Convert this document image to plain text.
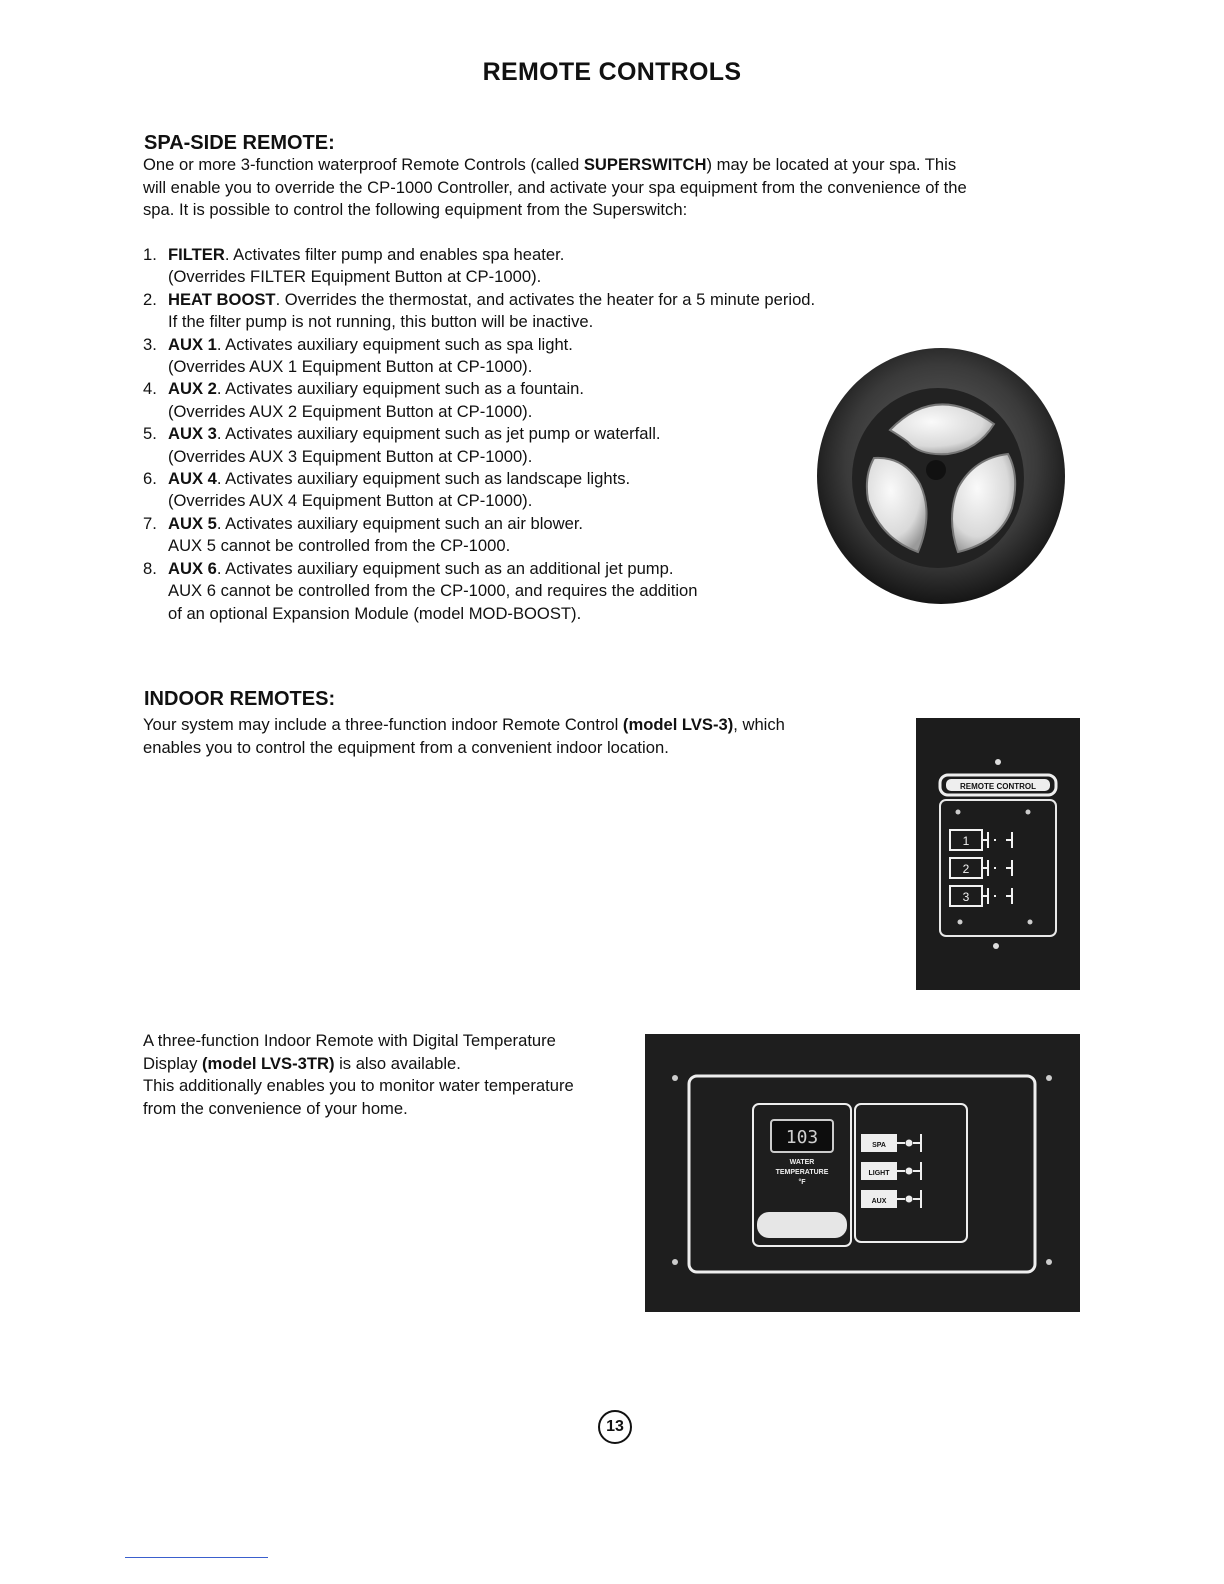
REMOTE CONTROLS
SPA-SIDE REMOTE:
One or more 3-function waterproof Remote Controls (called SUPERSWITCH) may be located at your spa. This
will enable you to override the CP-1000 Controller, and activate your spa equipment from the convenience of the
spa. It is possible to control the following equipment from the Superswitch:
1. FILTER. Activates filter pump and enables spa heater.
(Overrides FILTER Equipment Button at CP-1000).
2. HEAT BOOST. Overrides the thermostat, and activates the heater for a 5 minute period.
If the filter pump is not running, this button will be inactive.
3. AUX 1. Activates auxiliary equipment such as spa light.
(Overrides AUX 1 Equipment Button at CP-1000).
4. AUX 2. Activates auxiliary equipment such as a fountain.
(Overrides AUX 2 Equipment Button at CP-1000).
5. AUX 3. Activates auxiliary equipment such as jet pump or waterfall.
(Overrides AUX 3 Equipment Button at CP-1000).
6. AUX 4. Activates auxiliary equipment such as landscape lights.
(Overrides AUX 4 Equipment Button at CP-1000).
7. AUX 5. Activates auxiliary equipment such an air blower.
AUX 5 cannot be controlled from the CP-1000.
8. AUX 6. Activates auxiliary equipment such as an additional jet pump.
AUX 6 cannot be controlled from the CP-1000, and requires the addition
of an optional Expansion Module (model MOD-BOOST).
INDOOR REMOTES:
Your system may include a three-function indoor Remote Control (model LVS-3), which
enables you to control the equipment from a convenient indoor location.
REMOTE CONTROL
1
2
3
A three-function Indoor Remote with Digital Temperature
Display (model LVS-3TR) is also available.
This additionally enables you to monitor water temperature
from the convenience of your home.
103
WATER
TEMPERATURE
°F
SPA
LIGHT
AUX
13
